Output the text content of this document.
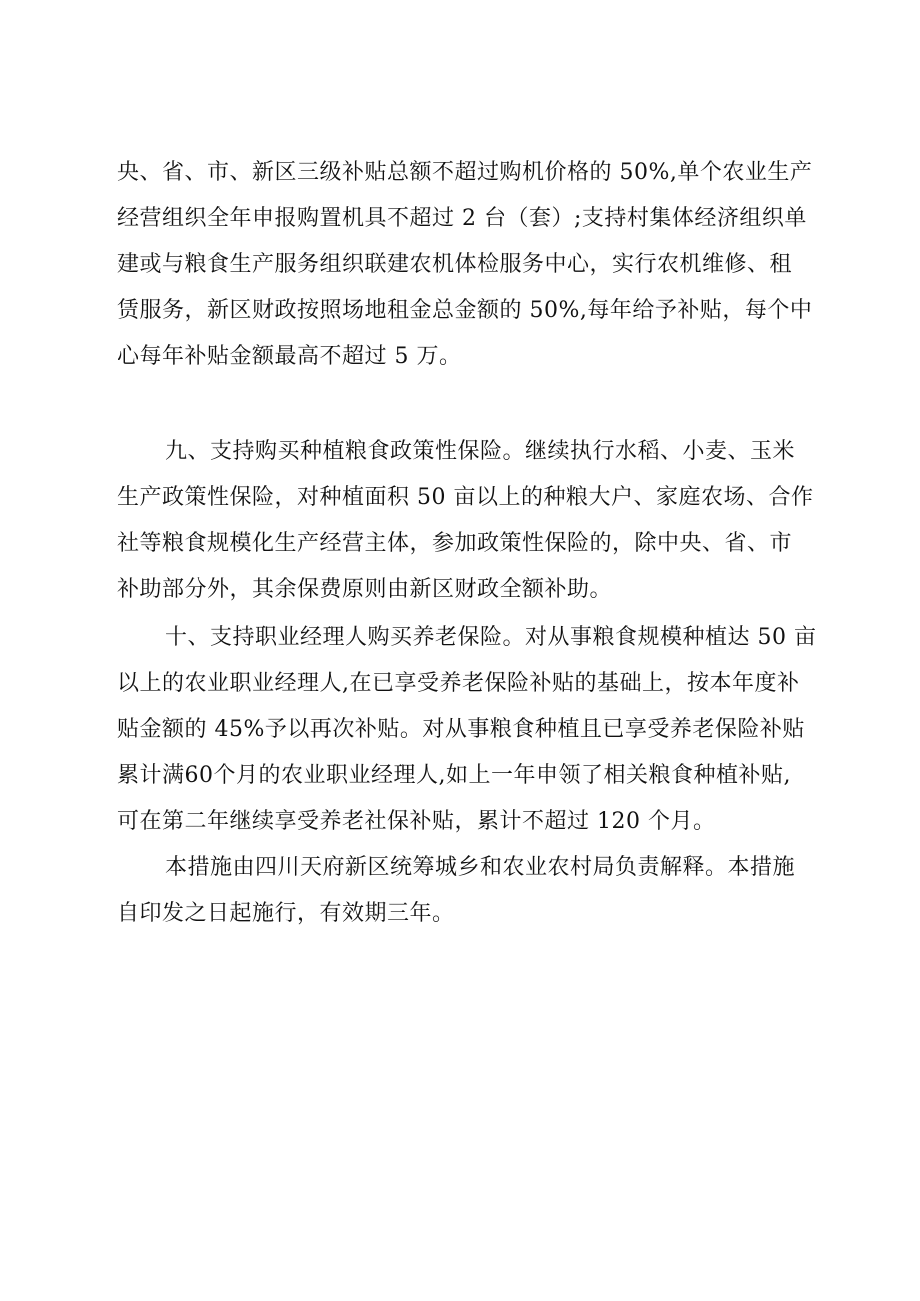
央、省、市、新区三级补贴总额不超过购机价格的 50%,单个农业生产
经营组织全年申报购置机具不超过 2 台（套）;支持村集体经济组织单
建或与粮食生产服务组织联建农机体检服务中心，实行农机维修、租
赁服务，新区财政按照场地租金总金额的 50%,每年给予补贴，每个中
心每年补贴金额最高不超过 5 万。
九、支持购买种植粮食政策性保险。继续执行水稻、小麦、玉米
生产政策性保险，对种植面积 50 亩以上的种粮大户、家庭农场、合作
社等粮食规模化生产经营主体，参加政策性保险的，除中央、省、市
补助部分外，其余保费原则由新区财政全额补助。
十、支持职业经理人购买养老保险。对从事粮食规模种植达 50 亩
以上的农业职业经理人,在已享受养老保险补贴的基础上，按本年度补
贴金额的 45%予以再次补贴。对从事粮食种植且已享受养老保险补贴
累计满60个月的农业职业经理人,如上一年申领了相关粮食种植补贴,
可在第二年继续享受养老社保补贴，累计不超过 120 个月。
本措施由四川天府新区统筹城乡和农业农村局负责解释。本措施
自印发之日起施行，有效期三年。
